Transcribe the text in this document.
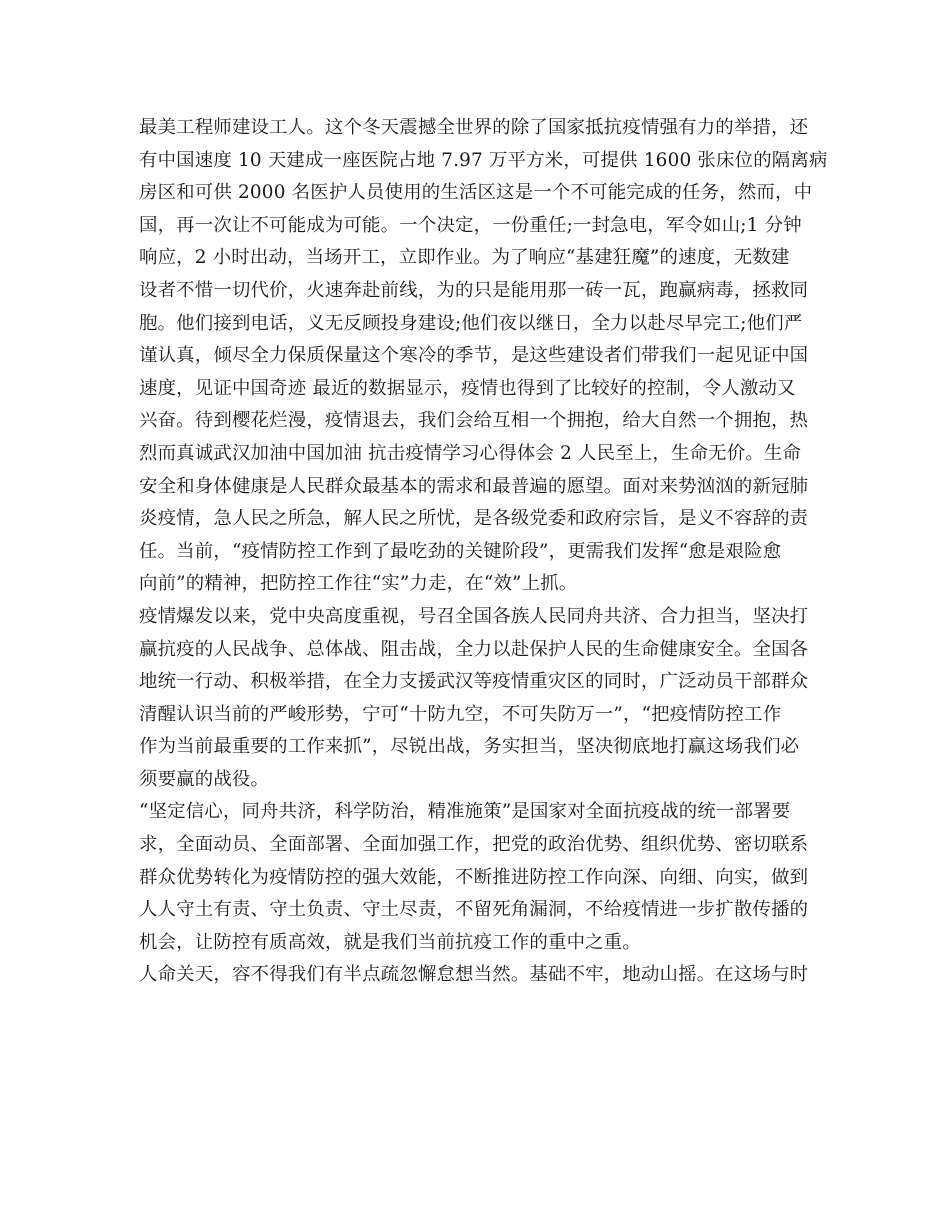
最美工程师建设工人。这个冬天震撼全世界的除了国家抵抗疫情强有力的举措，还
有中国速度 10 天建成一座医院占地 7.97 万平方米，可提供 1600 张床位的隔离病
房区和可供 2000 名医护人员使用的生活区这是一个不可能完成的任务，然而，中
国，再一次让不可能成为可能。一个决定，一份重任;一封急电，军令如山;1 分钟
响应，2 小时出动，当场开工，立即作业。为了响应“基建狂魔”的速度，无数建
设者不惜一切代价，火速奔赴前线，为的只是能用那一砖一瓦，跑赢病毒，拯救同
胞。他们接到电话，义无反顾投身建设;他们夜以继日，全力以赴尽早完工;他们严
谨认真，倾尽全力保质保量这个寒冷的季节，是这些建设者们带我们一起见证中国
速度，见证中国奇迹 最近的数据显示，疫情也得到了比较好的控制，令人激动又
兴奋。待到樱花烂漫，疫情退去，我们会给互相一个拥抱，给大自然一个拥抱，热
烈而真诚武汉加油中国加油 抗击疫情学习心得体会 2 人民至上，生命无价。生命
安全和身体健康是人民群众最基本的需求和最普遍的愿望。面对来势汹汹的新冠肺
炎疫情，急人民之所急，解人民之所忧，是各级党委和政府宗旨，是义不容辞的责
任。当前，“疫情防控工作到了最吃劲的关键阶段”，更需我们发挥“愈是艰险愈
向前”的精神，把防控工作往“实”力走，在“效”上抓。
疫情爆发以来，党中央高度重视，号召全国各族人民同舟共济、合力担当，坚决打
赢抗疫的人民战争、总体战、阻击战，全力以赴保护人民的生命健康安全。全国各
地统一行动、积极举措，在全力支援武汉等疫情重灾区的同时，广泛动员干部群众
清醒认识当前的严峻形势，宁可“十防九空，不可失防万一”，“把疫情防控工作
作为当前最重要的工作来抓”，尽锐出战，务实担当，坚决彻底地打赢这场我们必
须要赢的战役。
“坚定信心，同舟共济，科学防治，精准施策”是国家对全面抗疫战的统一部署要
求，全面动员、全面部署、全面加强工作，把党的政治优势、组织优势、密切联系
群众优势转化为疫情防控的强大效能，不断推进防控工作向深、向细、向实，做到
人人守土有责、守土负责、守土尽责，不留死角漏洞，不给疫情进一步扩散传播的
机会，让防控有质高效，就是我们当前抗疫工作的重中之重。
人命关天，容不得我们有半点疏忽懈怠想当然。基础不牢，地动山摇。在这场与时
